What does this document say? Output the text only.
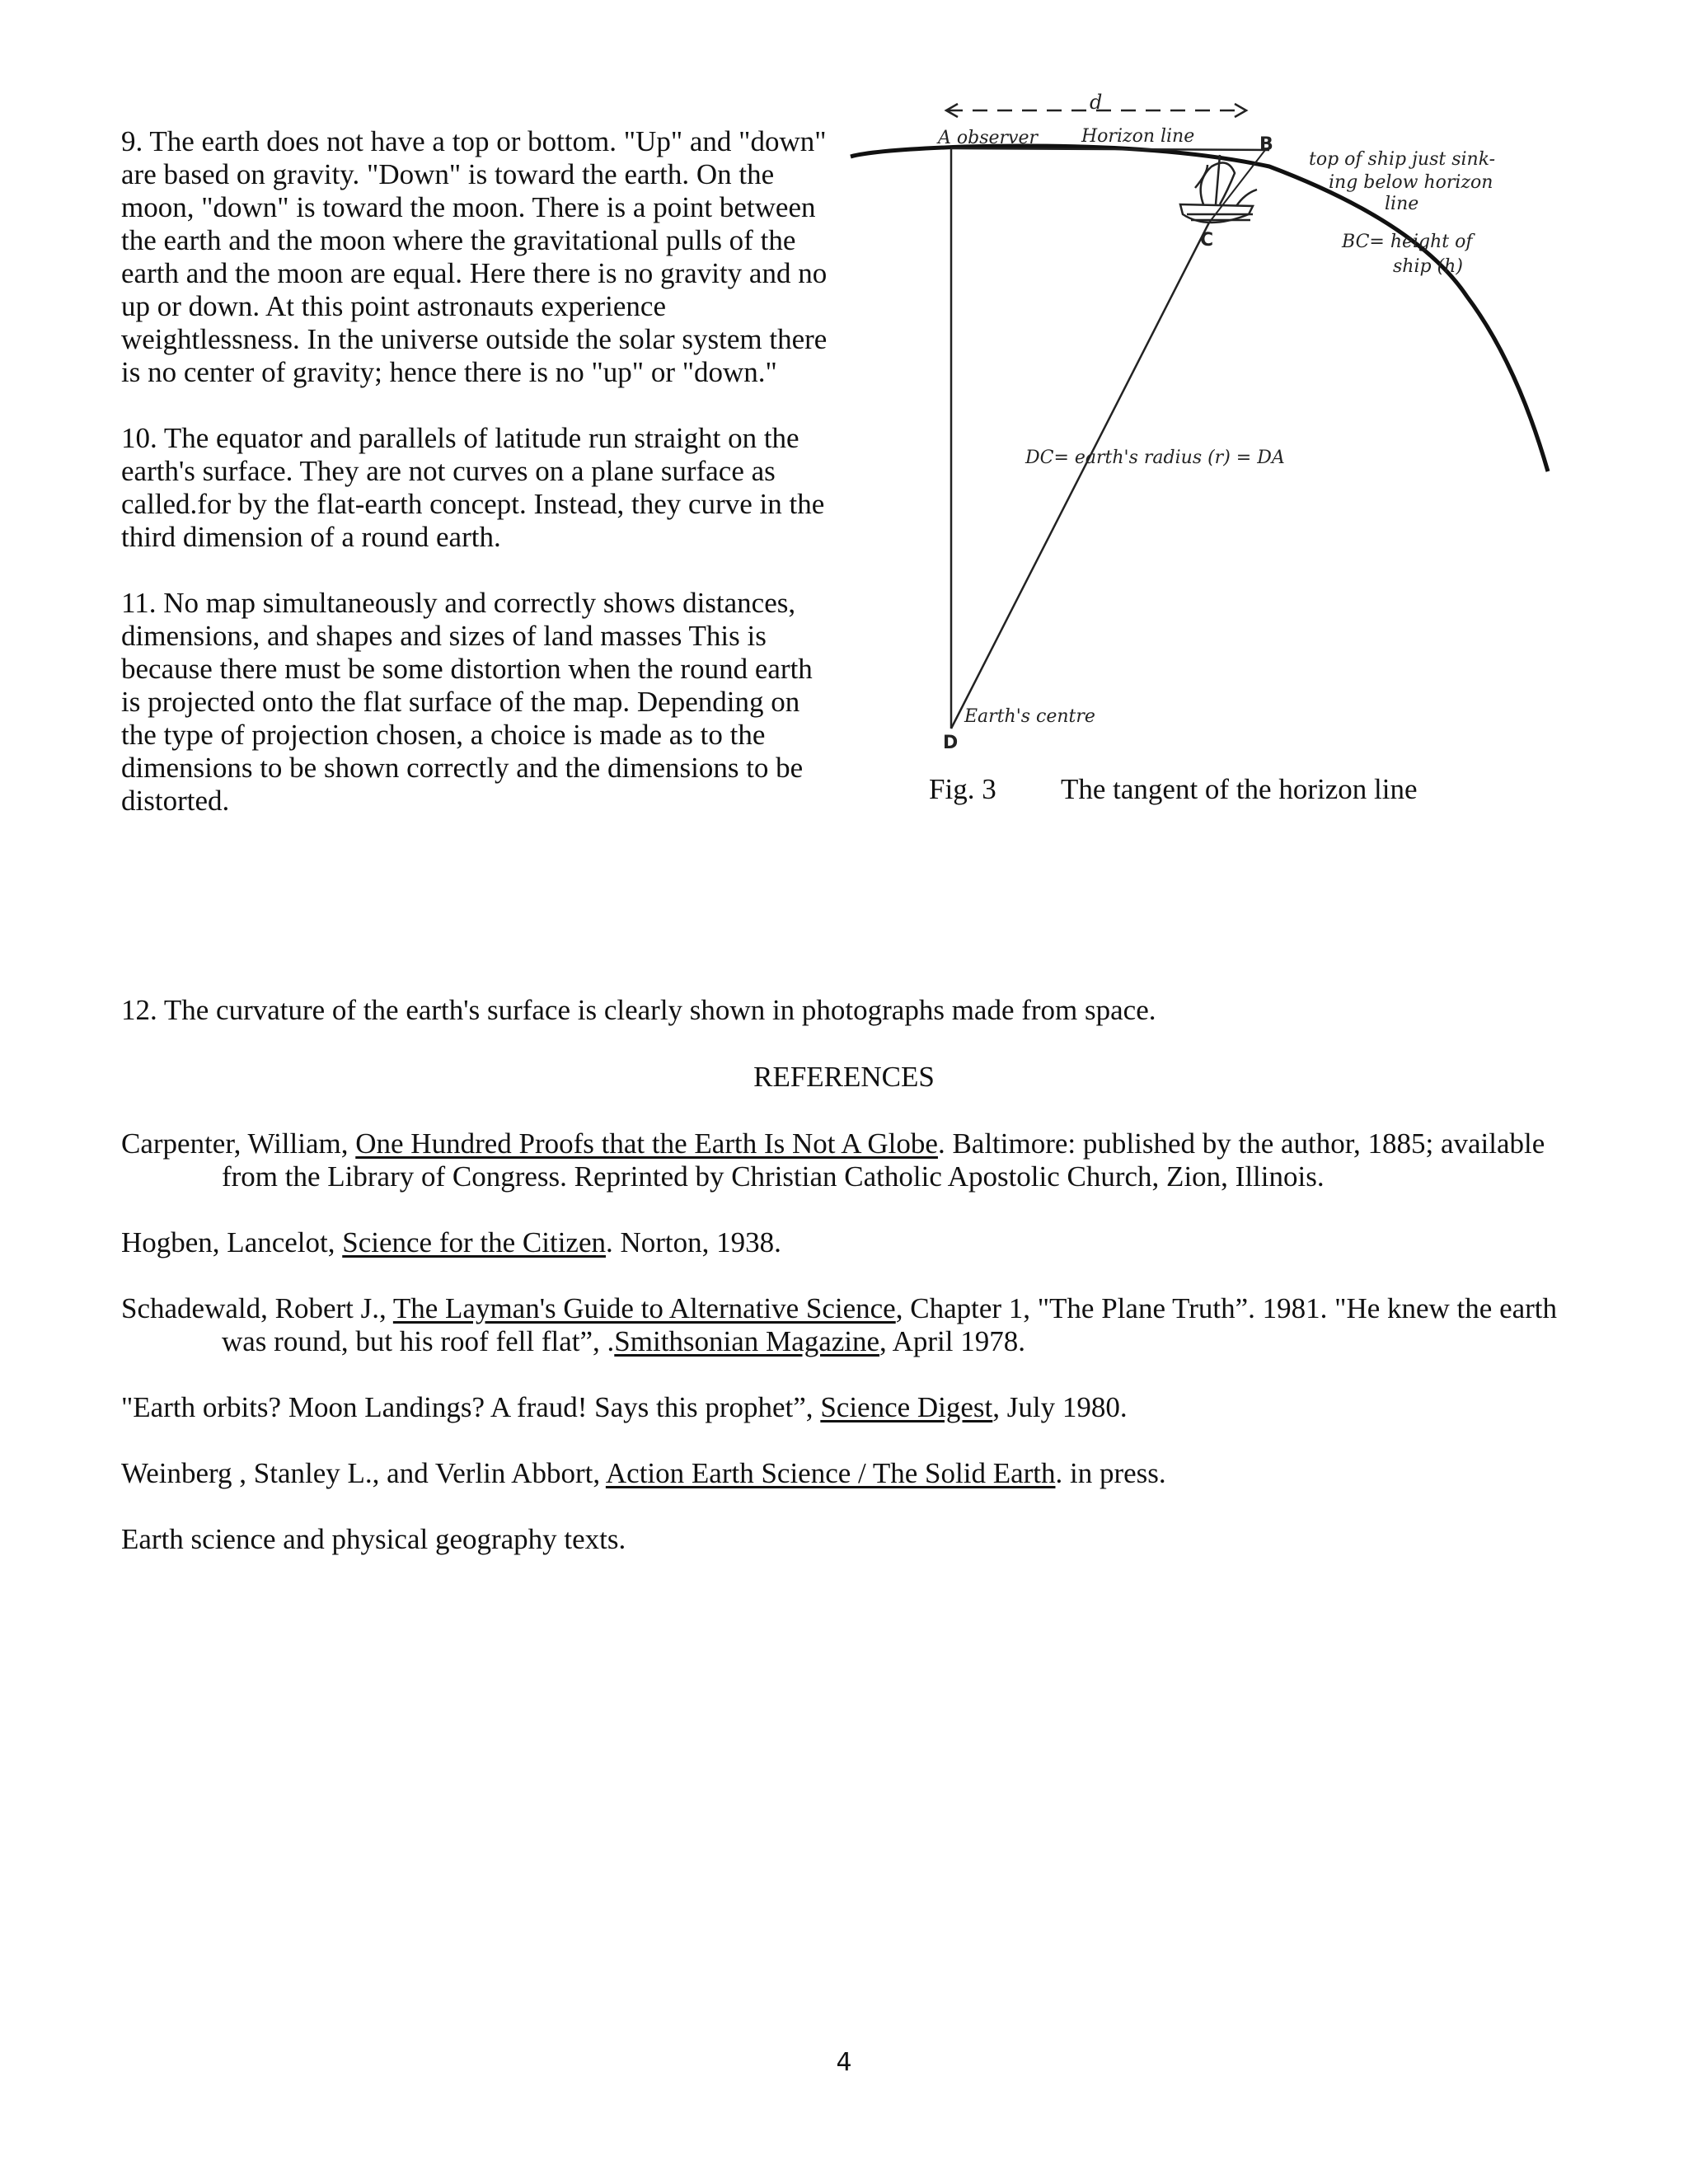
9. The earth does not have a top or bottom. "Up" and "down" are based on gravity. "Down" is toward the earth. On the moon, "down" is toward the moon. There is a point between the earth and the moon where the gravitational pulls of the earth and the moon are equal. Here there is no gravity and no up or down. At this point astronauts experience weightlessness. In the universe outside the solar system there is no center of gravity; hence there is no "up" or "down."

10. The equator and parallels of latitude run straight on the earth's surface. They are not curves on a plane surface as called.for by the flat-earth concept. Instead, they curve in the third dimension of a round earth.

11. No map simultaneously and correctly shows distances, dimensions, and shapes and sizes of land masses This is because there must be some distortion when the round earth is projected onto the flat surface of the map. Depending on the type of projection chosen, a choice is made as to the dimensions to be shown correctly and the dimensions to be distorted.

d
A observer Horizon line	B
top of ship just sink-
ing below horizon
line
C	BC= height of
ship (h)
DC= earth's radius (r) = DA
Earth's centre
D
Fig. 3 The tangent of the horizon line

12. The curvature of the earth's surface is clearly shown in photographs made from space.

REFERENCES

Carpenter, William, One Hundred Proofs that the Earth Is Not A Globe. Baltimore: published by the author, 1885; available from the Library of Congress. Reprinted by Christian Catholic Apostolic Church, Zion, Illinois.

Hogben, Lancelot, Science for the Citizen. Norton, 1938.

Schadewald, Robert J., The Layman's Guide to Alternative Science, Chapter 1, "The Plane Truth”. 1981. "He knew the earth was round, but his roof fell flat”, .Smithsonian Magazine, April 1978.

"Earth orbits? Moon Landings? A fraud! Says this prophet”, Science Digest, July 1980.

Weinberg , Stanley L., and Verlin Abbort, Action Earth Science / The Solid Earth. in press.

Earth science and physical geography texts.

4
